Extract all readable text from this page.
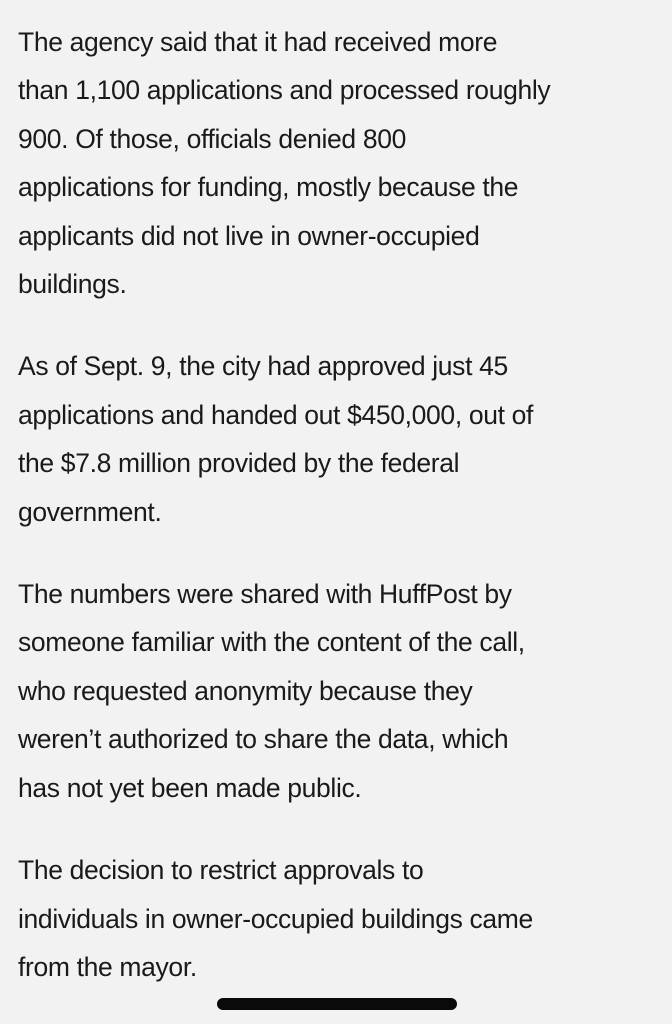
The agency said that it had received more
than 1,100 applications and processed roughly
900. Of those, officials denied 800
applications for funding, mostly because the
applicants did not live in owner-occupied
buildings.

As of Sept. 9, the city had approved just 45
applications and handed out $450,000, out of
the $7.8 million provided by the federal
government.

The numbers were shared with HuffPost by
someone familiar with the content of the call,
who requested anonymity because they
weren’t authorized to share the data, which
has not yet been made public.

The decision to restrict approvals to
individuals in owner-occupied buildings came
from the mayor.
